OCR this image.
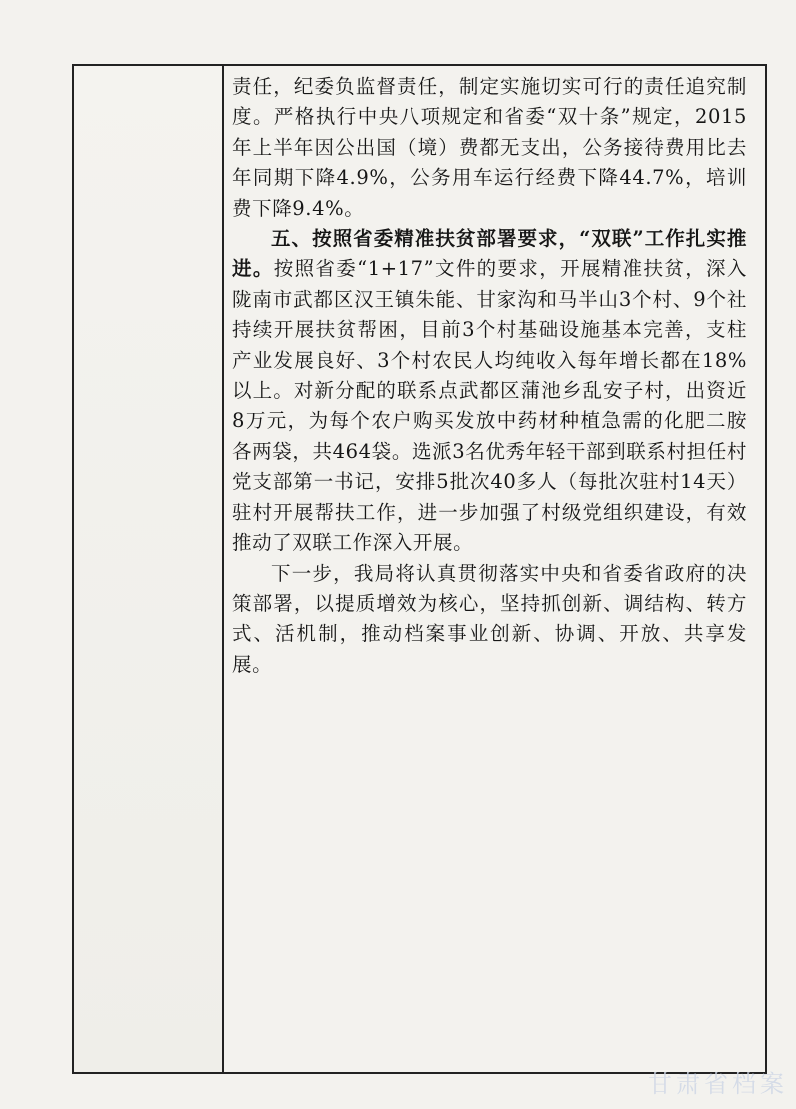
责任，纪委负监督责任，制定实施切实可行的责任追究制度。严格执行中央八项规定和省委“双十条”规定，2015年上半年因公出国（境）费都无支出，公务接待费用比去年同期下降4.9%，公务用车运行经费下降44.7%，培训费下降9.4%。

五、按照省委精准扶贫部署要求，“双联”工作扎实推进。按照省委“1+17”文件的要求，开展精准扶贫，深入陇南市武都区汉王镇朱能、甘家沟和马半山3个村、9个社持续开展扶贫帮困，目前3个村基础设施基本完善，支柱产业发展良好、3个村农民人均纯收入每年增长都在18%以上。对新分配的联系点武都区蒲池乡乱安子村，出资近8万元，为每个农户购买发放中药材种植急需的化肥二胺各两袋，共464袋。选派3名优秀年轻干部到联系村担任村党支部第一书记，安排5批次40多人（每批次驻村14天）驻村开展帮扶工作，进一步加强了村级党组织建设，有效推动了双联工作深入开展。

下一步，我局将认真贯彻落实中央和省委省政府的决策部署，以提质增效为核心，坚持抓创新、调结构、转方式、活机制，推动档案事业创新、协调、开放、共享发展。

甘肃省档案
